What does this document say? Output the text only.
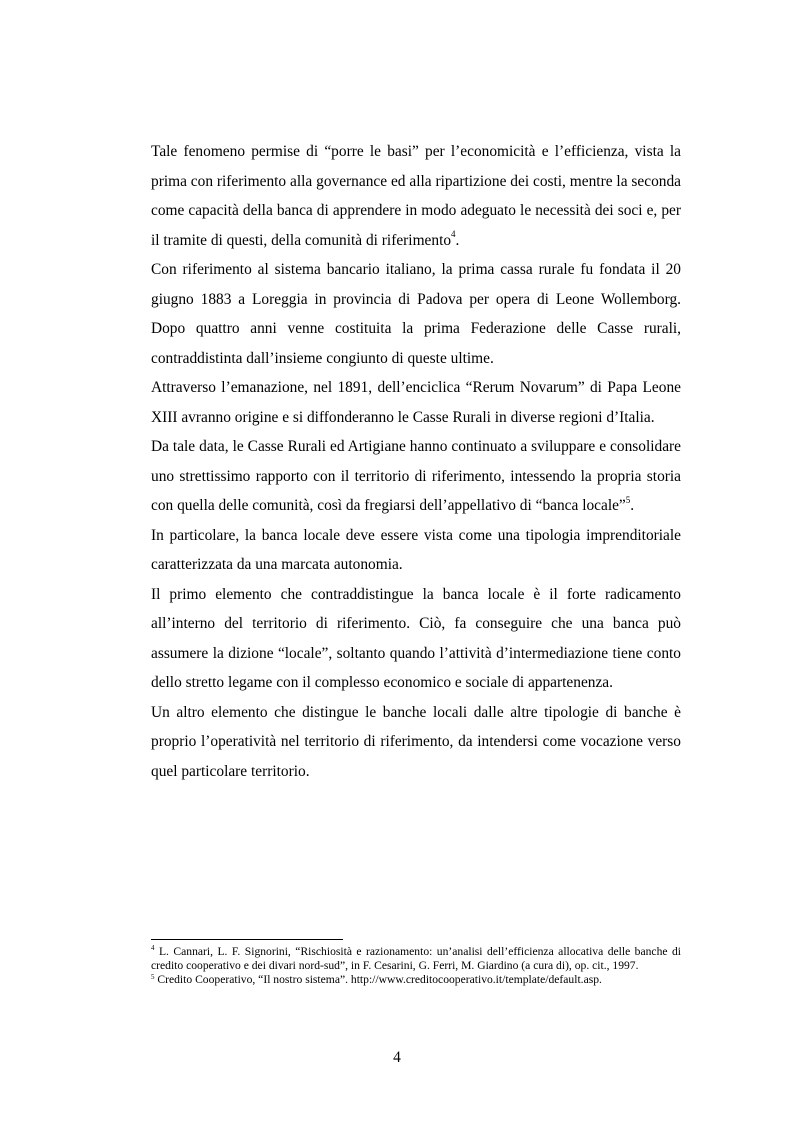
Tale fenomeno permise di “porre le basi” per l’economicità e l’efficienza, vista la prima con riferimento alla governance ed alla ripartizione dei costi, mentre la seconda come capacità della banca di apprendere in modo adeguato le necessità dei soci e, per il tramite di questi, della comunità di riferimento$^4$.

Con riferimento al sistema bancario italiano, la prima cassa rurale fu fondata il 20 giugno 1883 a Loreggia in provincia di Padova per opera di Leone Wollemborg. Dopo quattro anni venne costituita la prima Federazione delle Casse rurali, contraddistinta dall’insieme congiunto di queste ultime.

Attraverso l’emanazione, nel 1891, dell’enciclica “Rerum Novarum” di Papa Leone XIII avranno origine e si diffonderanno le Casse Rurali in diverse regioni d’Italia.

Da tale data, le Casse Rurali ed Artigiane hanno continuato a sviluppare e consolidare uno strettissimo rapporto con il territorio di riferimento, intessendo la propria storia con quella delle comunità, così da fregiarsi dell’appellativo di “banca locale”$^5$.

In particolare, la banca locale deve essere vista come una tipologia imprenditoriale caratterizzata da una marcata autonomia.

Il primo elemento che contraddistingue la banca locale è il forte radicamento all’interno del territorio di riferimento. Ciò, fa conseguire che una banca può assumere la dizione “locale”, soltanto quando l’attività d’intermediazione tiene conto dello stretto legame con il complesso economico e sociale di appartenenza.

Un altro elemento che distingue le banche locali dalle altre tipologie di banche è proprio l’operatività nel territorio di riferimento, da intendersi come vocazione verso quel particolare territorio.

$^4$ L. Cannari, L. F. Signorini, “Rischiosità e razionamento: un’analisi dell’efficienza allocativa delle banche di credito cooperativo e dei divari nord-sud”, in F. Cesarini, G. Ferri, M. Giardino (a cura di), op. cit., 1997.

$^5$ Credito Cooperativo, “Il nostro sistema”. http://www.creditocooperativo.it/template/default.asp.

4
